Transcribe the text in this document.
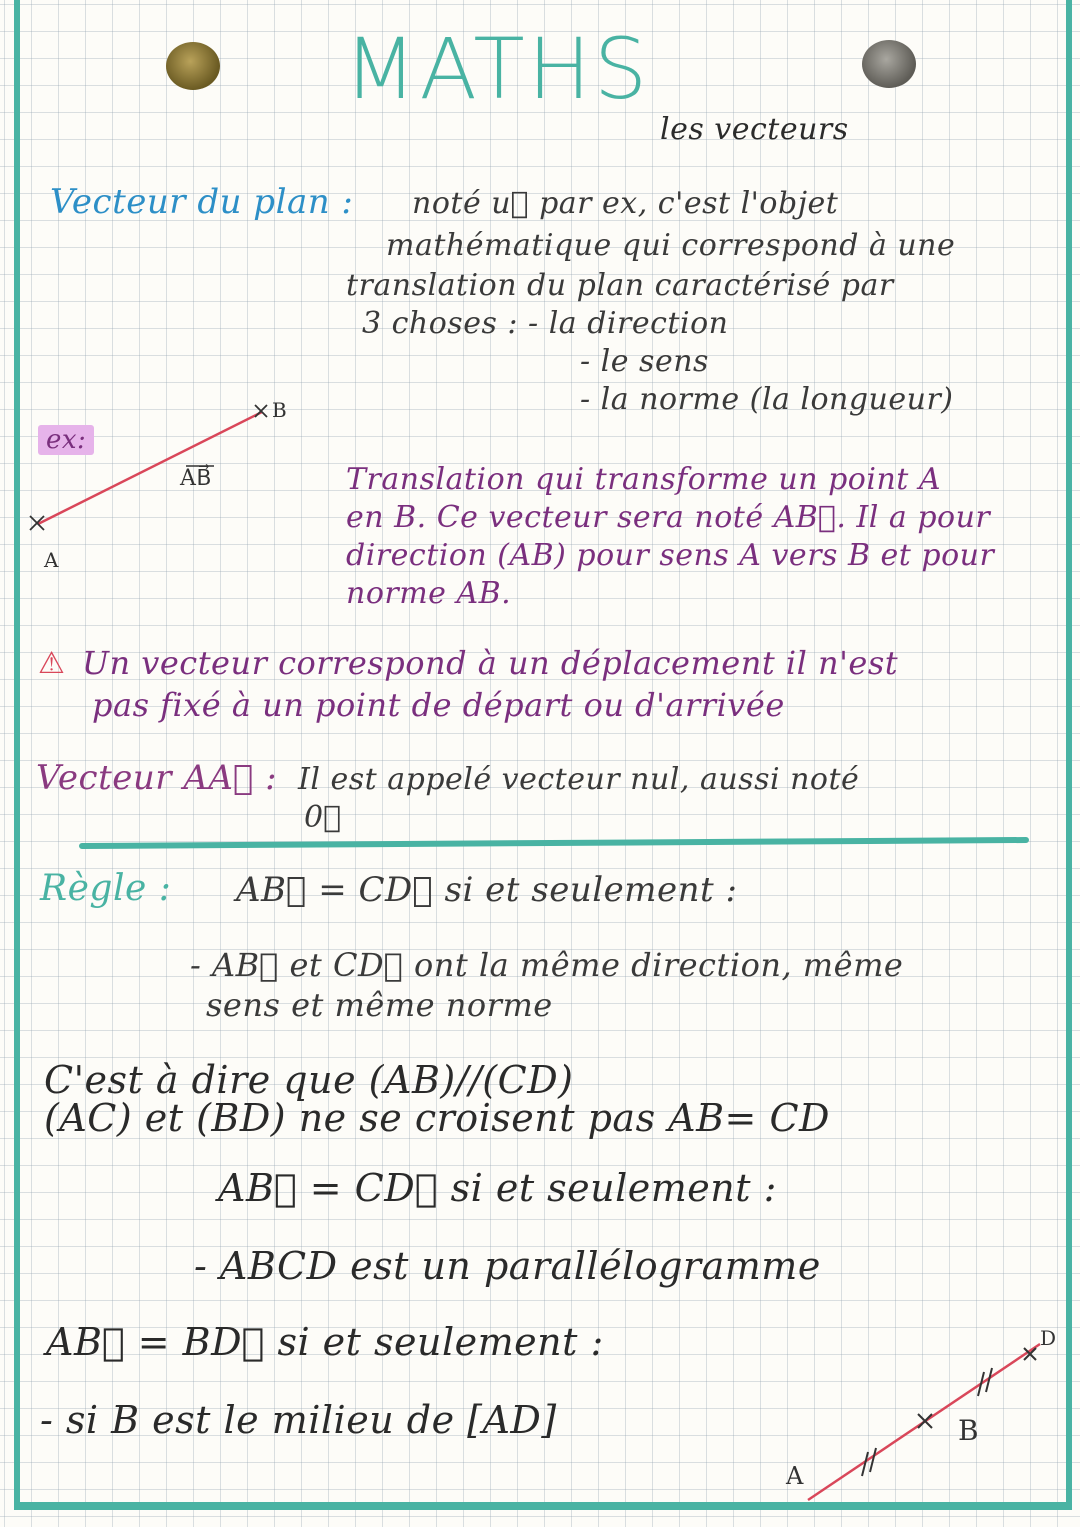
MATHS
les vecteurs
Vecteur du plan : noté u⃗ par ex, c'est l'objet
mathématique qui correspond à une
translation du plan caractérisé par
3 choses : - la direction
- le sens
- la norme (la longueur)
ex:
B
A
AB⃗	Translation qui transforme un point A
en B. Ce vecteur sera noté AB⃗. Il a pour
direction (AB) pour sens A vers B et pour
norme AB.
⚠ Un vecteur correspond à un déplacement il n'est
pas fixé à un point de départ ou d'arrivée
Vecteur AA⃗ : Il est appelé vecteur nul, aussi noté
0⃗
Règle : AB⃗ = CD⃗ si et seulement :
- AB⃗ et CD⃗ ont la même direction, même
sens et même norme
C'est à dire que (AB)//(CD)
(AC) et (BD) ne se croisent pas AB= CD
AB⃗ = CD⃗ si et seulement :
- ABCD est un parallélogramme
AB⃗ = BD⃗ si et seulement :
- si B est le milieu de [AD]
A
B
D
